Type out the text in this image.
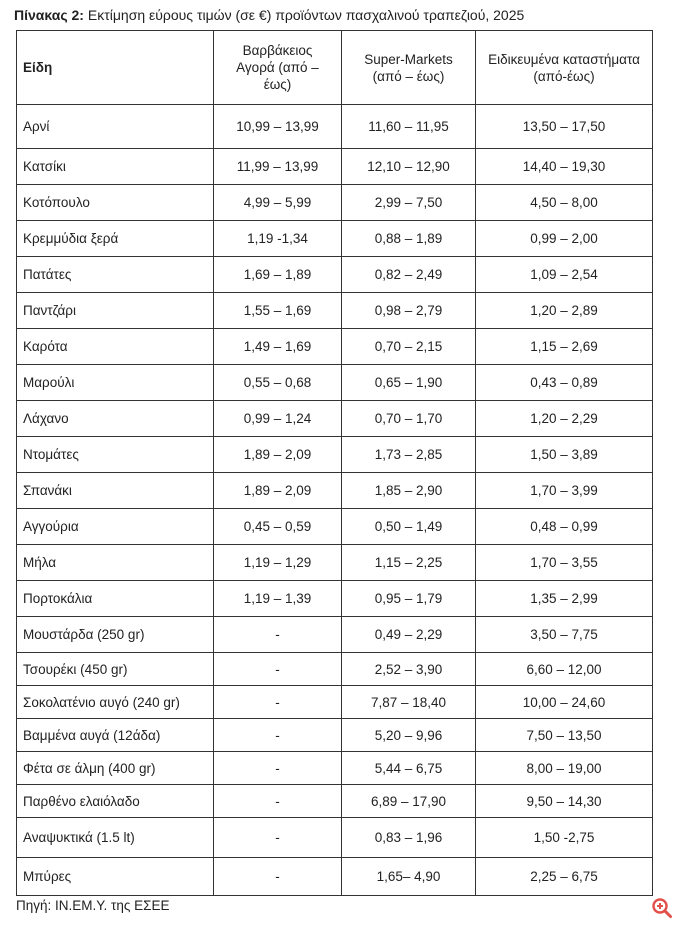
Πίνακας 2: Εκτίμηση εύρους τιμών (σε €) προϊόντων πασχαλινού τραπεζιού, 2025
Είδη	Βαρβάκειος Αγορά (από – έως)	Super-Markets (από – έως)	Ειδικευμένα καταστήματα (από-έως)

Αρνί	10,99 – 13,99	11,60 – 11,95	13,50 – 17,50
Κατσίκι	11,99 – 13,99	12,10 – 12,90	14,40 – 19,30
Κοτόπουλο	4,99 – 5,99	2,99 – 7,50	4,50 – 8,00
Κρεμμύδια ξερά	1,19 -1,34	0,88 – 1,89	0,99 – 2,00
Πατάτες	1,69 – 1,89	0,82 – 2,49	1,09 – 2,54
Παντζάρι	1,55 – 1,69	0,98 – 2,79	1,20 – 2,89
Καρότα	1,49 – 1,69	0,70 – 2,15	1,15 – 2,69
Μαρούλι	0,55 – 0,68	0,65 – 1,90	0,43 – 0,89
Λάχανο	0,99 – 1,24	0,70 – 1,70	1,20 – 2,29
Ντομάτες	1,89 – 2,09	1,73 – 2,85	1,50 – 3,89
Σπανάκι	1,89 – 2,09	1,85 – 2,90	1,70 – 3,99
Αγγούρια	0,45 – 0,59	0,50 – 1,49	0,48 – 0,99
Μήλα	1,19 – 1,29	1,15 – 2,25	1,70 – 3,55
Πορτοκάλια	1,19 – 1,39	0,95 – 1,79	1,35 – 2,99
Μουστάρδα (250 gr)	-	0,49 – 2,29	3,50 – 7,75
Τσουρέκι (450 gr)	-	2,52 – 3,90	6,60 – 12,00
Σοκολατένιο αυγό (240 gr)	-	7,87 – 18,40	10,00 – 24,60
Βαμμένα αυγά (12άδα)	-	5,20 – 9,96	7,50 – 13,50
Φέτα σε άλμη (400 gr)	-	5,44 – 6,75	8,00 – 19,00
Παρθένο ελαιόλαδο	-	6,89 – 17,90	9,50 – 14,30
Αναψυκτικά (1.5 lt)	-	0,83 – 1,96	1,50 -2,75
Μπύρες	-	1,65– 4,90	2,25 – 6,75
Πηγή: ΙΝ.ΕΜ.Υ. της ΕΣΕΕ
